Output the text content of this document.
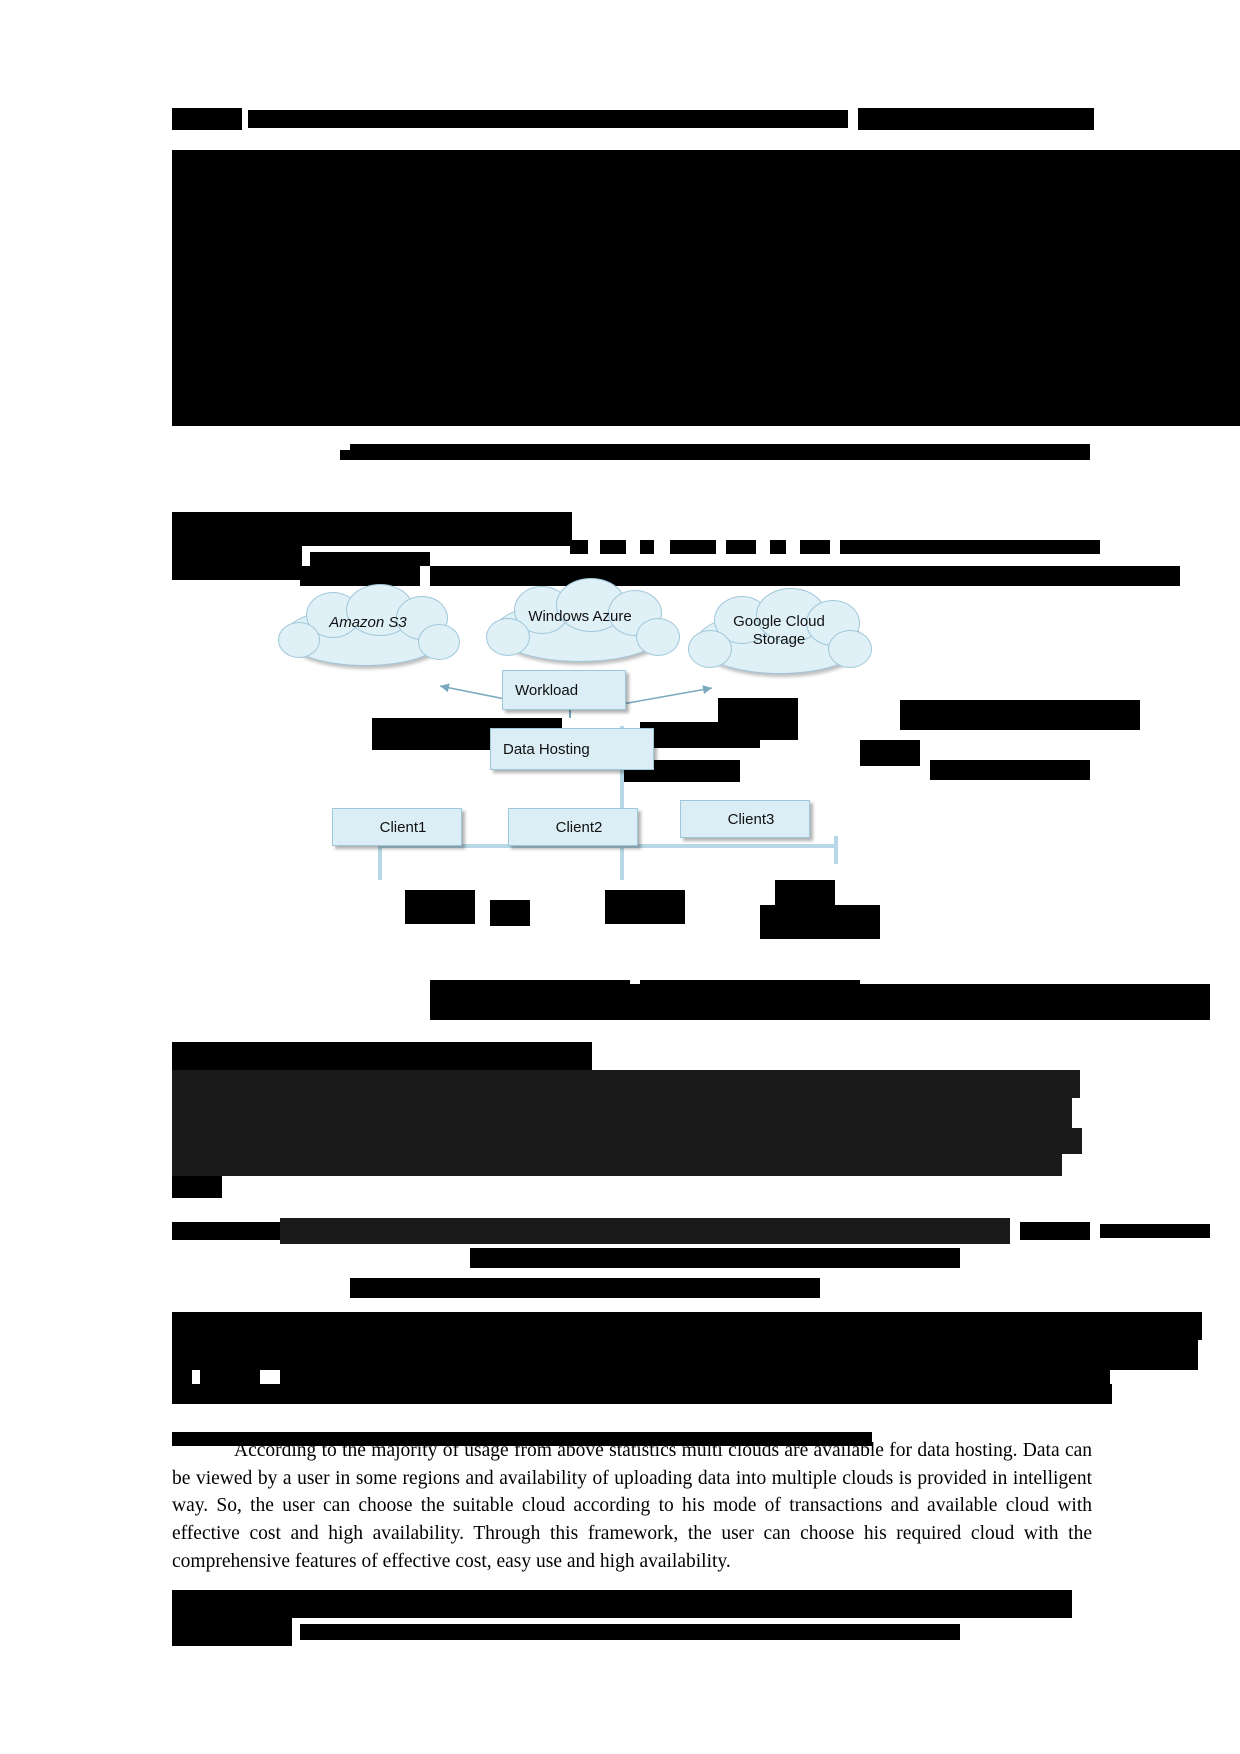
According to the majority of usage from above statistics multi clouds are available for data hosting. Data can be viewed by a user in some regions and availability of uploading data into multiple clouds is provided in intelligent way. So, the user can choose the suitable cloud according to his mode of transactions and available cloud with effective cost and high availability. Through this framework, the user can choose his required cloud with the comprehensive features of effective cost, easy use and high availability.
Amazon S3	Windows Azure	Google Cloud Storage
Workload
Data Hosting
Client1	Client2	Client3
